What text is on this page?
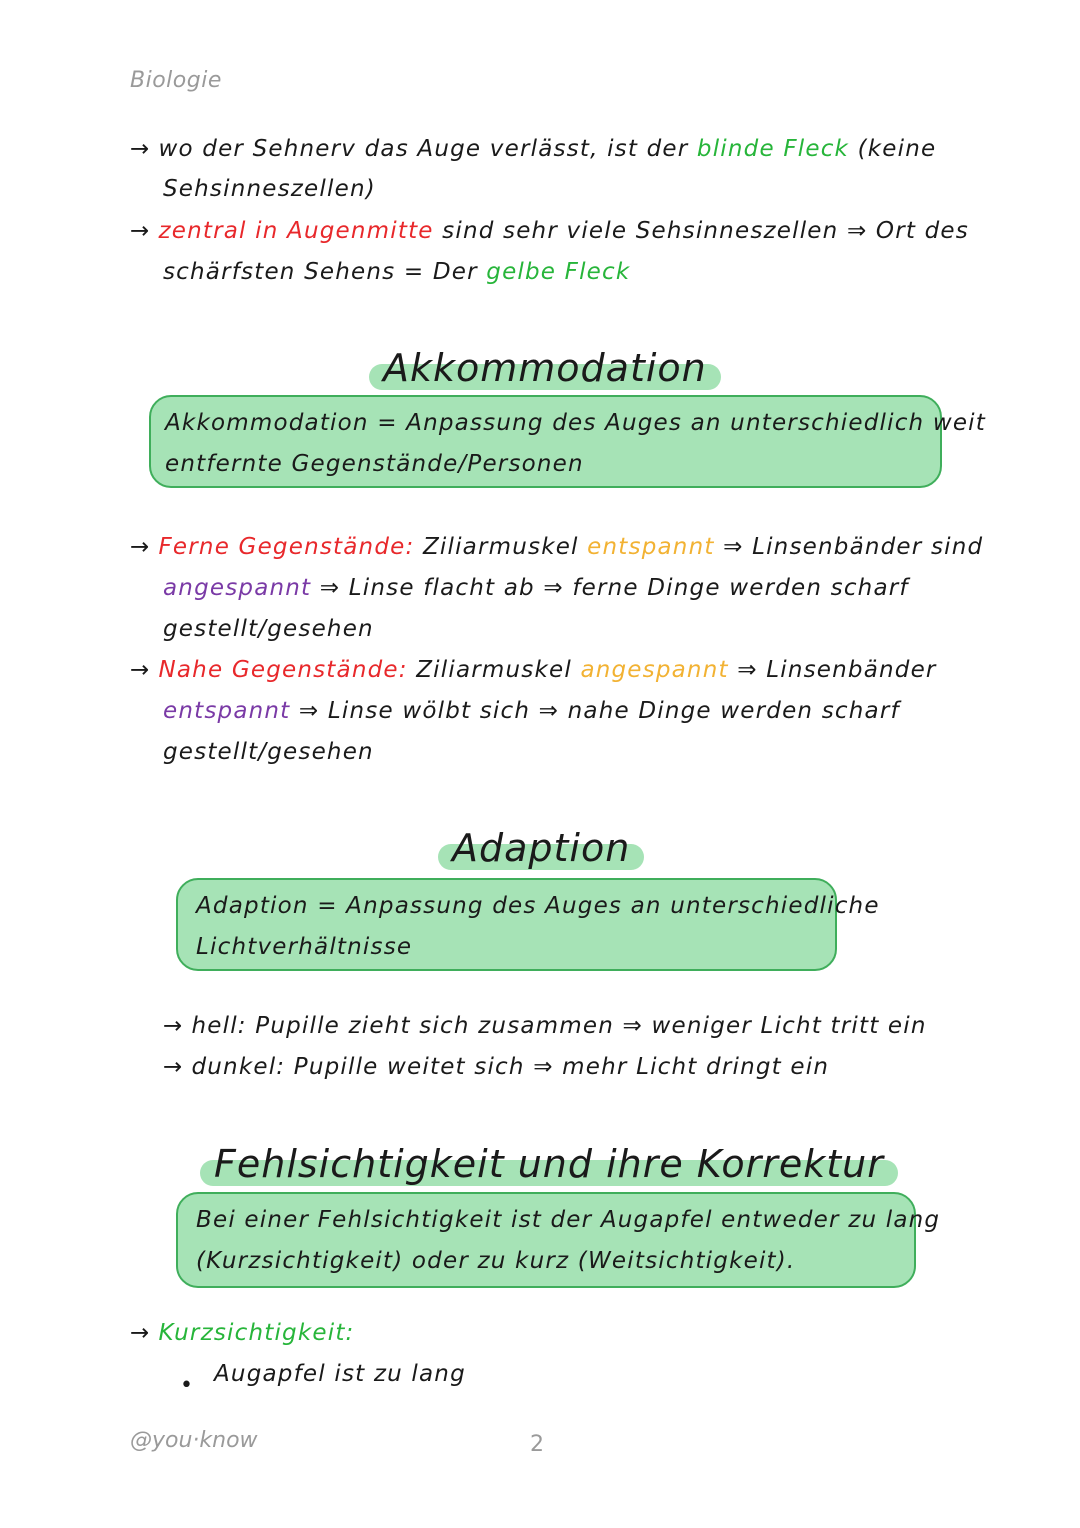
Biologie
→ wo der Sehnerv das Auge verlässt, ist der blinde Fleck (keine
Sehsinneszellen)
→ zentral in Augenmitte sind sehr viele Sehsinneszellen ⇒ Ort des
schärfsten Sehens = Der gelbe Fleck
Akkommodation
Akkommodation = Anpassung des Auges an unterschiedlich weit
entfernte Gegenstände/Personen
→ Ferne Gegenstände: Ziliarmuskel entspannt ⇒ Linsenbänder sind
angespannt ⇒ Linse flacht ab ⇒ ferne Dinge werden scharf
gestellt/gesehen
→ Nahe Gegenstände: Ziliarmuskel angespannt ⇒ Linsenbänder
entspannt ⇒ Linse wölbt sich ⇒ nahe Dinge werden scharf
gestellt/gesehen
Adaption
Adaption = Anpassung des Auges an unterschiedliche
Lichtverhältnisse
→ hell: Pupille zieht sich zusammen ⇒ weniger Licht tritt ein
→ dunkel: Pupille weitet sich ⇒ mehr Licht dringt ein
Fehlsichtigkeit und ihre Korrektur
Bei einer Fehlsichtigkeit ist der Augapfel entweder zu lang
(Kurzsichtigkeit) oder zu kurz (Weitsichtigkeit).
→ Kurzsichtigkeit:
• Augapfel ist zu lang
@you·know	2
